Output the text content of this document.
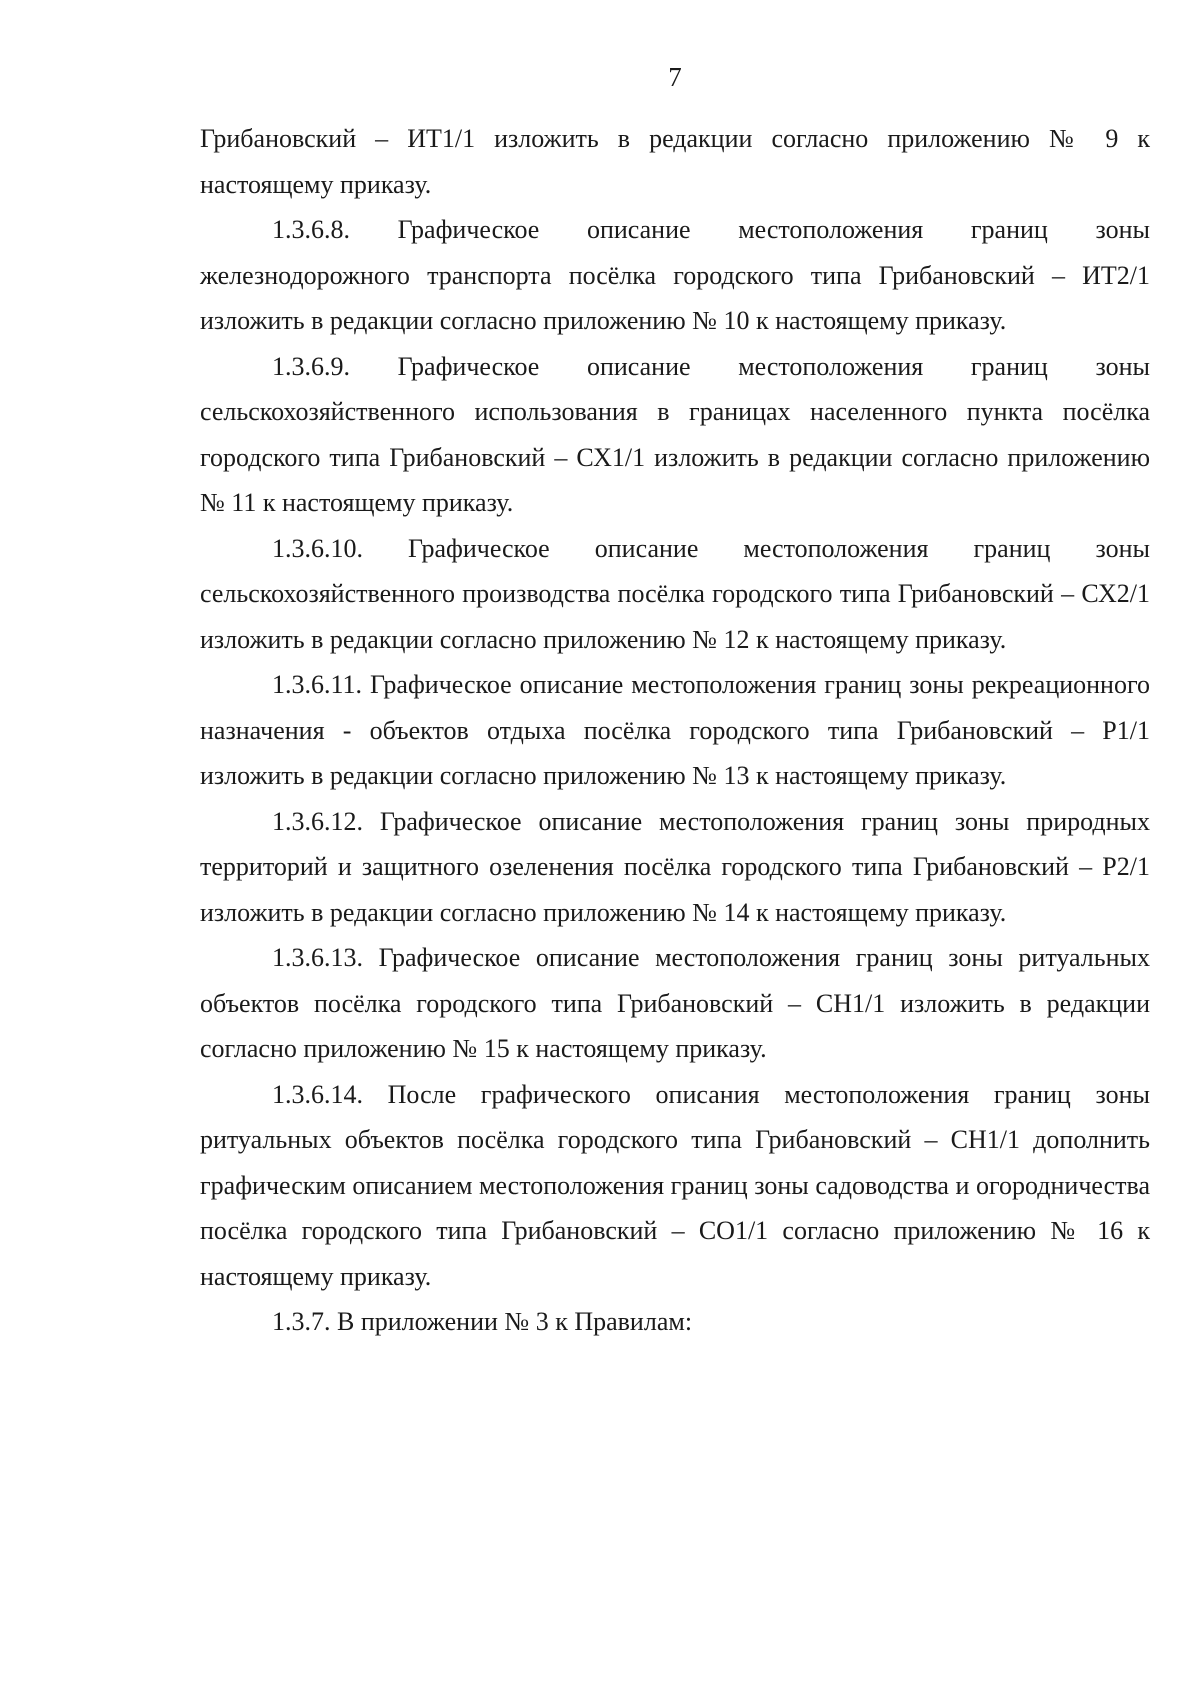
7

Грибановский – ИТ1/1 изложить в редакции согласно приложению № 9 к настоящему приказу.

1.3.6.8. Графическое описание местоположения границ зоны железнодорожного транспорта посёлка городского типа Грибановский – ИТ2/1 изложить в редакции согласно приложению № 10 к настоящему приказу.

1.3.6.9. Графическое описание местоположения границ зоны сельскохозяйственного использования в границах населенного пункта посёлка городского типа Грибановский – СХ1/1 изложить в редакции согласно приложению № 11 к настоящему приказу.

1.3.6.10. Графическое описание местоположения границ зоны сельскохозяйственного производства посёлка городского типа Грибановский – СХ2/1 изложить в редакции согласно приложению № 12 к настоящему приказу.

1.3.6.11. Графическое описание местоположения границ зоны рекреационного назначения - объектов отдыха посёлка городского типа Грибановский – Р1/1 изложить в редакции согласно приложению № 13 к настоящему приказу.

1.3.6.12. Графическое описание местоположения границ зоны природных территорий и защитного озеленения посёлка городского типа Грибановский – Р2/1 изложить в редакции согласно приложению № 14 к настоящему приказу.

1.3.6.13. Графическое описание местоположения границ зоны ритуальных объектов посёлка городского типа Грибановский – СН1/1 изложить в редакции согласно приложению № 15 к настоящему приказу.

1.3.6.14. После графического описания местоположения границ зоны ритуальных объектов посёлка городского типа Грибановский – СН1/1 дополнить графическим описанием местоположения границ зоны садоводства и огородничества посёлка городского типа Грибановский – СО1/1 согласно приложению № 16 к настоящему приказу.

1.3.7. В приложении № 3 к Правилам:
